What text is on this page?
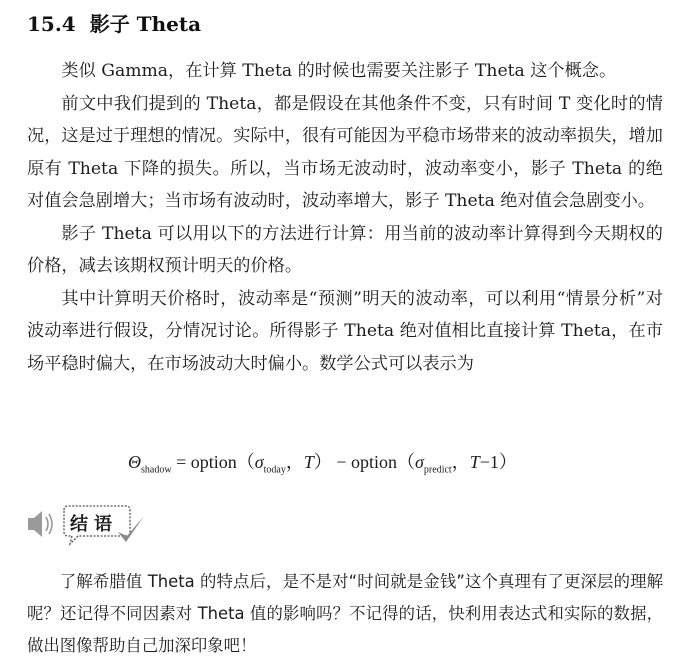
15.4 影子 Theta

类似 Gamma，在计算 Theta 的时候也需要关注影子 Theta 这个概念。

前文中我们提到的 Theta，都是假设在其他条件不变，只有时间 T 变化时的情况，这是过于理想的情况。实际中，很有可能因为平稳市场带来的波动率损失，增加原有 Theta 下降的损失。所以，当市场无波动时，波动率变小，影子 Theta 的绝对值会急剧增大；当市场有波动时，波动率增大，影子 Theta 绝对值会急剧变小。

影子 Theta 可以用以下的方法进行计算：用当前的波动率计算得到今天期权的价格，减去该期权预计明天的价格。

其中计算明天价格时，波动率是“预测”明天的波动率，可以利用“情景分析”对波动率进行假设，分情况讨论。所得影子 Theta 绝对值相比直接计算 Theta，在市场平稳时偏大，在市场波动大时偏小。数学公式可以表示为

$\Theta_{shadow}$ = $option(\sigma_{today}$，$T) - option(\sigma_{predict}$，T−1）
结语

了解希腊值 Theta 的特点后，是不是对“时间就是金钱”这个真理有了更深层的理解呢？还记得不同因素对 Theta 值的影响吗？不记得的话，快利用表达式和实际的数据，做出图像帮助自己加深印象吧！
